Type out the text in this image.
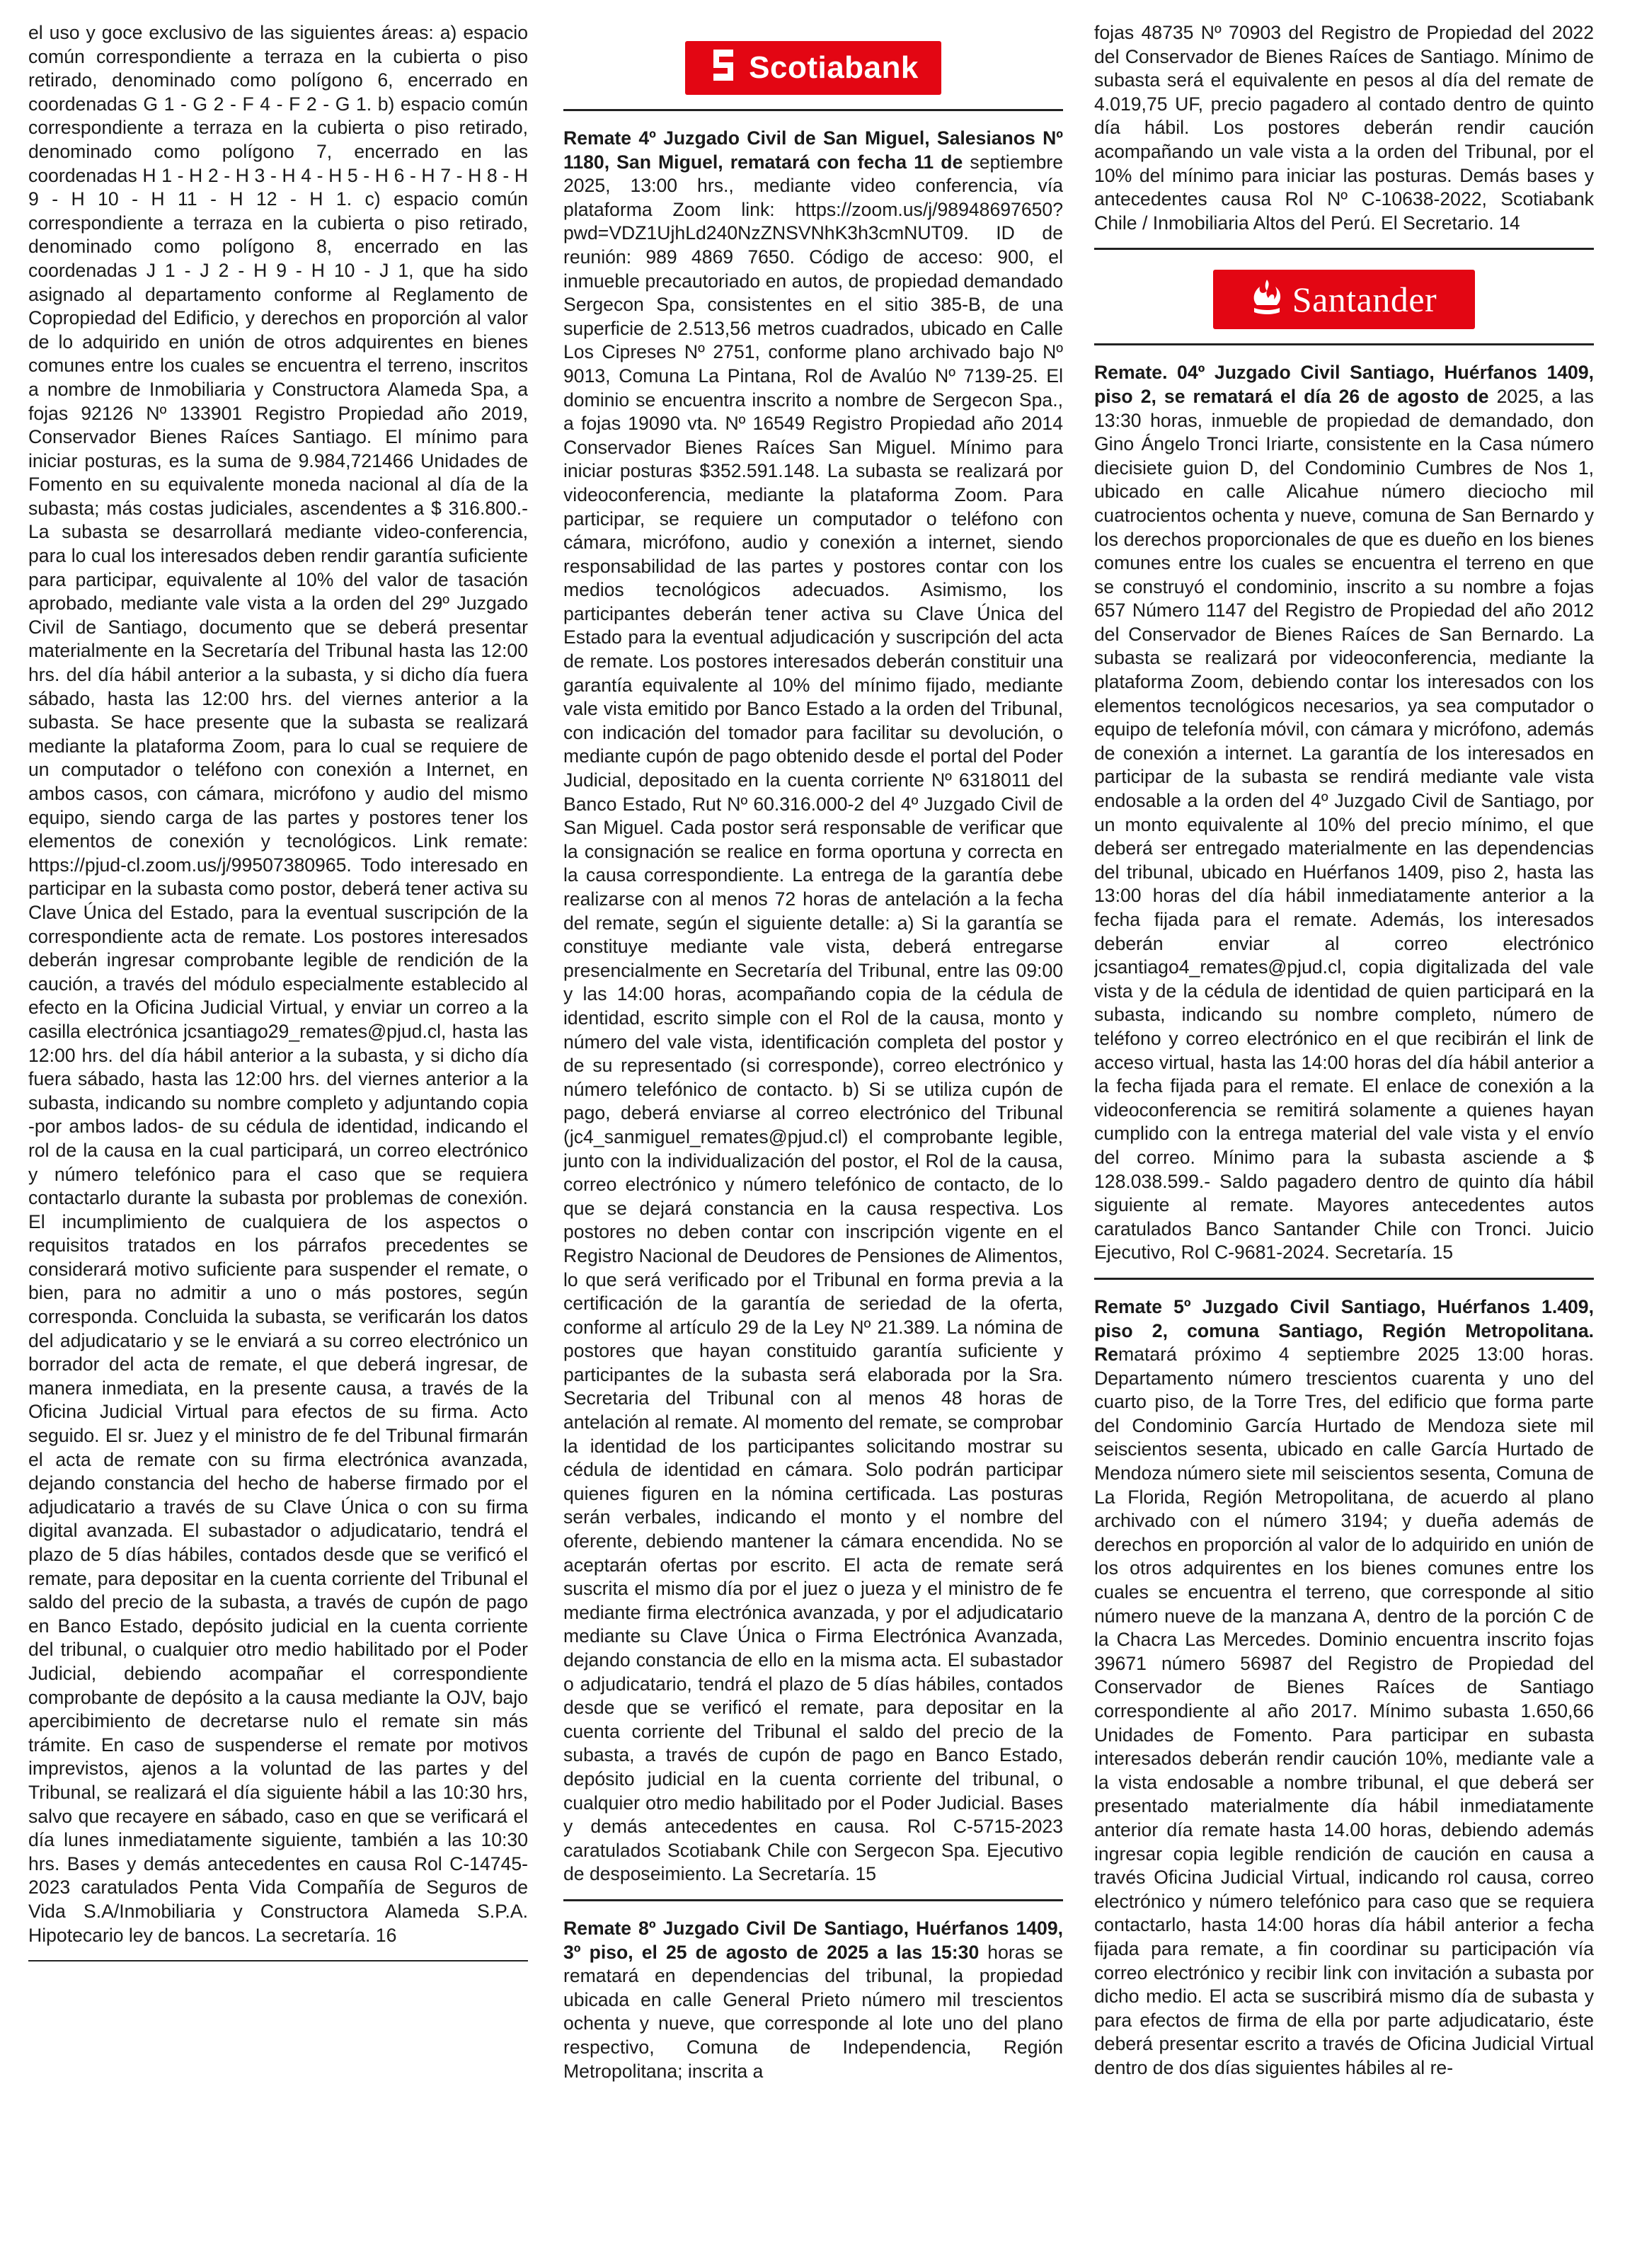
el uso y goce exclusivo de las siguientes áreas: a) espacio común correspondiente a terraza en la cubierta o piso retirado, denominado como polígono 6, encerrado en coordenadas G 1 - G 2 - F 4 - F 2 - G 1. b) espacio común correspondiente a terraza en la cubierta o piso retirado, denominado como polígono 7, encerrado en las coordenadas H 1 - H 2 - H 3 - H 4 - H 5 - H 6 - H 7 - H 8 - H 9 - H 10 - H 11 - H 12 - H 1. c) espacio común correspondiente a terraza en la cubierta o piso retirado, denominado como polígono 8, encerrado en las coordenadas J 1 - J 2 - H 9 - H 10 - J 1, que ha sido asignado al departamento conforme al Reglamento de Copropiedad del Edificio, y derechos en proporción al valor de lo adquirido en unión de otros adquirentes en bienes comunes entre los cuales se encuentra el terreno, inscritos a nombre de Inmobiliaria y Constructora Alameda Spa, a fojas 92126 Nº 133901 Registro Propiedad año 2019, Conservador Bienes Raíces Santiago. El mínimo para iniciar posturas, es la suma de 9.984,721466 Unidades de Fomento en su equivalente moneda nacional al día de la subasta; más costas judiciales, ascendentes a $ 316.800.- La subasta se desarrollará mediante video-conferencia, para lo cual los interesados deben rendir garantía suficiente para participar, equivalente al 10% del valor de tasación aprobado, mediante vale vista a la orden del 29º Juzgado Civil de Santiago, documento que se deberá presentar materialmente en la Secretaría del Tribunal hasta las 12:00 hrs. del día hábil anterior a la subasta, y si dicho día fuera sábado, hasta las 12:00 hrs. del viernes anterior a la subasta. Se hace presente que la subasta se realizará mediante la plataforma Zoom, para lo cual se requiere de un computador o teléfono con conexión a Internet, en ambos casos, con cámara, micrófono y audio del mismo equipo, siendo carga de las partes y postores tener los elementos de conexión y tecnológicos. Link remate: https://pjud-cl.zoom.us/j/99507380965. Todo interesado en participar en la subasta como postor, deberá tener activa su Clave Única del Estado, para la eventual suscripción de la correspondiente acta de remate. Los postores interesados deberán ingresar comprobante legible de rendición de la caución, a través del módulo especialmente establecido al efecto en la Oficina Judicial Virtual, y enviar un correo a la casilla electrónica jcsantiago29_remates@pjud.cl, hasta las 12:00 hrs. del día hábil anterior a la subasta, y si dicho día fuera sábado, hasta las 12:00 hrs. del viernes anterior a la subasta, indicando su nombre completo y adjuntando copia -por ambos lados- de su cédula de identidad, indicando el rol de la causa en la cual participará, un correo electrónico y número telefónico para el caso que se requiera contactarlo durante la subasta por problemas de conexión. El incumplimiento de cualquiera de los aspectos o requisitos tratados en los párrafos precedentes se considerará motivo suficiente para suspender el remate, o bien, para no admitir a uno o más postores, según corresponda. Concluida la subasta, se verificarán los datos del adjudicatario y se le enviará a su correo electrónico un borrador del acta de remate, el que deberá ingresar, de manera inmediata, en la presente causa, a través de la Oficina Judicial Virtual para efectos de su firma. Acto seguido. El sr. Juez y el ministro de fe del Tribunal firmarán el acta de remate con su firma electrónica avanzada, dejando constancia del hecho de haberse firmado por el adjudicatario a través de su Clave Única o con su firma digital avanzada. El subastador o adjudicatario, tendrá el plazo de 5 días hábiles, contados desde que se verificó el remate, para depositar en la cuenta corriente del Tribunal el saldo del precio de la subasta, a través de cupón de pago en Banco Estado, depósito judicial en la cuenta corriente del tribunal, o cualquier otro medio habilitado por el Poder Judicial, debiendo acompañar el correspondiente comprobante de depósito a la causa mediante la OJV, bajo apercibimiento de decretarse nulo el remate sin más trámite. En caso de suspenderse el remate por motivos imprevistos, ajenos a la voluntad de las partes y del Tribunal, se realizará el día siguiente hábil a las 10:30 hrs, salvo que recayere en sábado, caso en que se verificará el día lunes inmediatamente siguiente, también a las 10:30 hrs. Bases y demás antecedentes en causa Rol C-14745-2023 caratulados Penta Vida Compañía de Seguros de Vida S.A/Inmobiliaria y Constructora Alameda S.P.A. Hipotecario ley de bancos. La secretaría. 16

Scotiabank

Remate 4º Juzgado Civil de San Miguel, Salesianos Nº 1180, San Miguel, rematará con fecha 11 de septiembre 2025, 13:00 hrs., mediante video conferencia, vía plataforma Zoom link: https://zoom.us/j/98948697650?pwd=VDZ1UjhLd240NzZNSVNhK3h3cmNUT09. ID de reunión: 989 4869 7650. Código de acceso: 900, el inmueble precautoriado en autos, de propiedad demandado Sergecon Spa, consistentes en el sitio 385-B, de una superficie de 2.513,56 metros cuadrados, ubicado en Calle Los Cipreses Nº 2751, conforme plano archivado bajo Nº 9013, Comuna La Pintana, Rol de Avalúo Nº 7139-25. El dominio se encuentra inscrito a nombre de Sergecon Spa., a fojas 19090 vta. Nº 16549 Registro Propiedad año 2014 Conservador Bienes Raíces San Miguel. Mínimo para iniciar posturas $352.591.148. La subasta se realizará por videoconferencia, mediante la plataforma Zoom. Para participar, se requiere un computador o teléfono con cámara, micrófono, audio y conexión a internet, siendo responsabilidad de las partes y postores contar con los medios tecnológicos adecuados. Asimismo, los participantes deberán tener activa su Clave Única del Estado para la eventual adjudicación y suscripción del acta de remate. Los postores interesados deberán constituir una garantía equivalente al 10% del mínimo fijado, mediante vale vista emitido por Banco Estado a la orden del Tribunal, con indicación del tomador para facilitar su devolución, o mediante cupón de pago obtenido desde el portal del Poder Judicial, depositado en la cuenta corriente Nº 6318011 del Banco Estado, Rut Nº 60.316.000-2 del 4º Juzgado Civil de San Miguel. Cada postor será responsable de verificar que la consignación se realice en forma oportuna y correcta en la causa correspondiente. La entrega de la garantía debe realizarse con al menos 72 horas de antelación a la fecha del remate, según el siguiente detalle: a) Si la garantía se constituye mediante vale vista, deberá entregarse presencialmente en Secretaría del Tribunal, entre las 09:00 y las 14:00 horas, acompañando copia de la cédula de identidad, escrito simple con el Rol de la causa, monto y número del vale vista, identificación completa del postor y de su representado (si corresponde), correo electrónico y número telefónico de contacto. b) Si se utiliza cupón de pago, deberá enviarse al correo electrónico del Tribunal (jc4_sanmiguel_remates@pjud.cl) el comprobante legible, junto con la individualización del postor, el Rol de la causa, correo electrónico y número telefónico de contacto, de lo que se dejará constancia en la causa respectiva. Los postores no deben contar con inscripción vigente en el Registro Nacional de Deudores de Pensiones de Alimentos, lo que será verificado por el Tribunal en forma previa a la certificación de la garantía de seriedad de la oferta, conforme al artículo 29 de la Ley Nº 21.389. La nómina de postores que hayan constituido garantía suficiente y participantes de la subasta será elaborada por la Sra. Secretaria del Tribunal con al menos 48 horas de antelación al remate. Al momento del remate, se comprobar la identidad de los participantes solicitando mostrar su cédula de identidad en cámara. Solo podrán participar quienes figuren en la nómina certificada. Las posturas serán verbales, indicando el monto y el nombre del oferente, debiendo mantener la cámara encendida. No se aceptarán ofertas por escrito. El acta de remate será suscrita el mismo día por el juez o jueza y el ministro de fe mediante firma electrónica avanzada, y por el adjudicatario mediante su Clave Única o Firma Electrónica Avanzada, dejando constancia de ello en la misma acta. El subastador o adjudicatario, tendrá el plazo de 5 días hábiles, contados desde que se verificó el remate, para depositar en la cuenta corriente del Tribunal el saldo del precio de la subasta, a través de cupón de pago en Banco Estado, depósito judicial en la cuenta corriente del tribunal, o cualquier otro medio habilitado por el Poder Judicial. Bases y demás antecedentes en causa. Rol C-5715-2023 caratulados Scotiabank Chile con Sergecon Spa. Ejecutivo de desposeimiento. La Secretaría. 15

Remate 8º Juzgado Civil De Santiago, Huérfanos 1409, 3º piso, el 25 de agosto de 2025 a las 15:30 horas se rematará en dependencias del tribunal, la propiedad ubicada en calle General Prieto número mil trescientos ochenta y nueve, que corresponde al lote uno del plano respectivo, Comuna de Independencia, Región Metropolitana; inscrita a

fojas 48735 Nº 70903 del Registro de Propiedad del 2022 del Conservador de Bienes Raíces de Santiago. Mínimo de subasta será el equivalente en pesos al día del remate de 4.019,75 UF, precio pagadero al contado dentro de quinto día hábil. Los postores deberán rendir caución acompañando un vale vista a la orden del Tribunal, por el 10% del mínimo para iniciar las posturas. Demás bases y antecedentes causa Rol Nº C-10638-2022, Scotiabank Chile / Inmobiliaria Altos del Perú. El Secretario. 14

Santander

Remate. 04º Juzgado Civil Santiago, Huérfanos 1409, piso 2, se rematará el día 26 de agosto de 2025, a las 13:30 horas, inmueble de propiedad de demandado, don Gino Ángelo Tronci Iriarte, consistente en la Casa número diecisiete guion D, del Condominio Cumbres de Nos 1, ubicado en calle Alicahue número dieciocho mil cuatrocientos ochenta y nueve, comuna de San Bernardo y los derechos proporcionales de que es dueño en los bienes comunes entre los cuales se encuentra el terreno en que se construyó el condominio, inscrito a su nombre a fojas 657 Número 1147 del Registro de Propiedad del año 2012 del Conservador de Bienes Raíces de San Bernardo. La subasta se realizará por videoconferencia, mediante la plataforma Zoom, debiendo contar los interesados con los elementos tecnológicos necesarios, ya sea computador o equipo de telefonía móvil, con cámara y micrófono, además de conexión a internet. La garantía de los interesados en participar de la subasta se rendirá mediante vale vista endosable a la orden del 4º Juzgado Civil de Santiago, por un monto equivalente al 10% del precio mínimo, el que deberá ser entregado materialmente en las dependencias del tribunal, ubicado en Huérfanos 1409, piso 2, hasta las 13:00 horas del día hábil inmediatamente anterior a la fecha fijada para el remate. Además, los interesados deberán enviar al correo electrónico jcsantiago4_remates@pjud.cl, copia digitalizada del vale vista y de la cédula de identidad de quien participará en la subasta, indicando su nombre completo, número de teléfono y correo electrónico en el que recibirán el link de acceso virtual, hasta las 14:00 horas del día hábil anterior a la fecha fijada para el remate. El enlace de conexión a la videoconferencia se remitirá solamente a quienes hayan cumplido con la entrega material del vale vista y el envío del correo. Mínimo para la subasta asciende a $ 128.038.599.- Saldo pagadero dentro de quinto día hábil siguiente al remate. Mayores antecedentes autos caratulados Banco Santander Chile con Tronci. Juicio Ejecutivo, Rol C-9681-2024. Secretaría. 15

Remate 5º Juzgado Civil Santiago, Huérfanos 1.409, piso 2, comuna Santiago, Región Metropolitana. Rematará próximo 4 septiembre 2025 13:00 horas. Departamento número trescientos cuarenta y uno del cuarto piso, de la Torre Tres, del edificio que forma parte del Condominio García Hurtado de Mendoza siete mil seiscientos sesenta, ubicado en calle García Hurtado de Mendoza número siete mil seiscientos sesenta, Comuna de La Florida, Región Metropolitana, de acuerdo al plano archivado con el número 3194; y dueña además de derechos en proporción al valor de lo adquirido en unión de los otros adquirentes en los bienes comunes entre los cuales se encuentra el terreno, que corresponde al sitio número nueve de la manzana A, dentro de la porción C de la Chacra Las Mercedes. Dominio encuentra inscrito fojas 39671 número 56987 del Registro de Propiedad del Conservador de Bienes Raíces de Santiago correspondiente al año 2017. Mínimo subasta 1.650,66 Unidades de Fomento. Para participar en subasta interesados deberán rendir caución 10%, mediante vale a la vista endosable a nombre tribunal, el que deberá ser presentado materialmente día hábil inmediatamente anterior día remate hasta 14.00 horas, debiendo además ingresar copia legible rendición de caución en causa a través Oficina Judicial Virtual, indicando rol causa, correo electrónico y número telefónico para caso que se requiera contactarlo, hasta 14:00 horas día hábil anterior a fecha fijada para remate, a fin coordinar su participación vía correo electrónico y recibir link con invitación a subasta por dicho medio. El acta se suscribirá mismo día de subasta y para efectos de firma de ella por parte adjudicatario, éste deberá presentar escrito a través de Oficina Judicial Virtual dentro de dos días siguientes hábiles al re-
